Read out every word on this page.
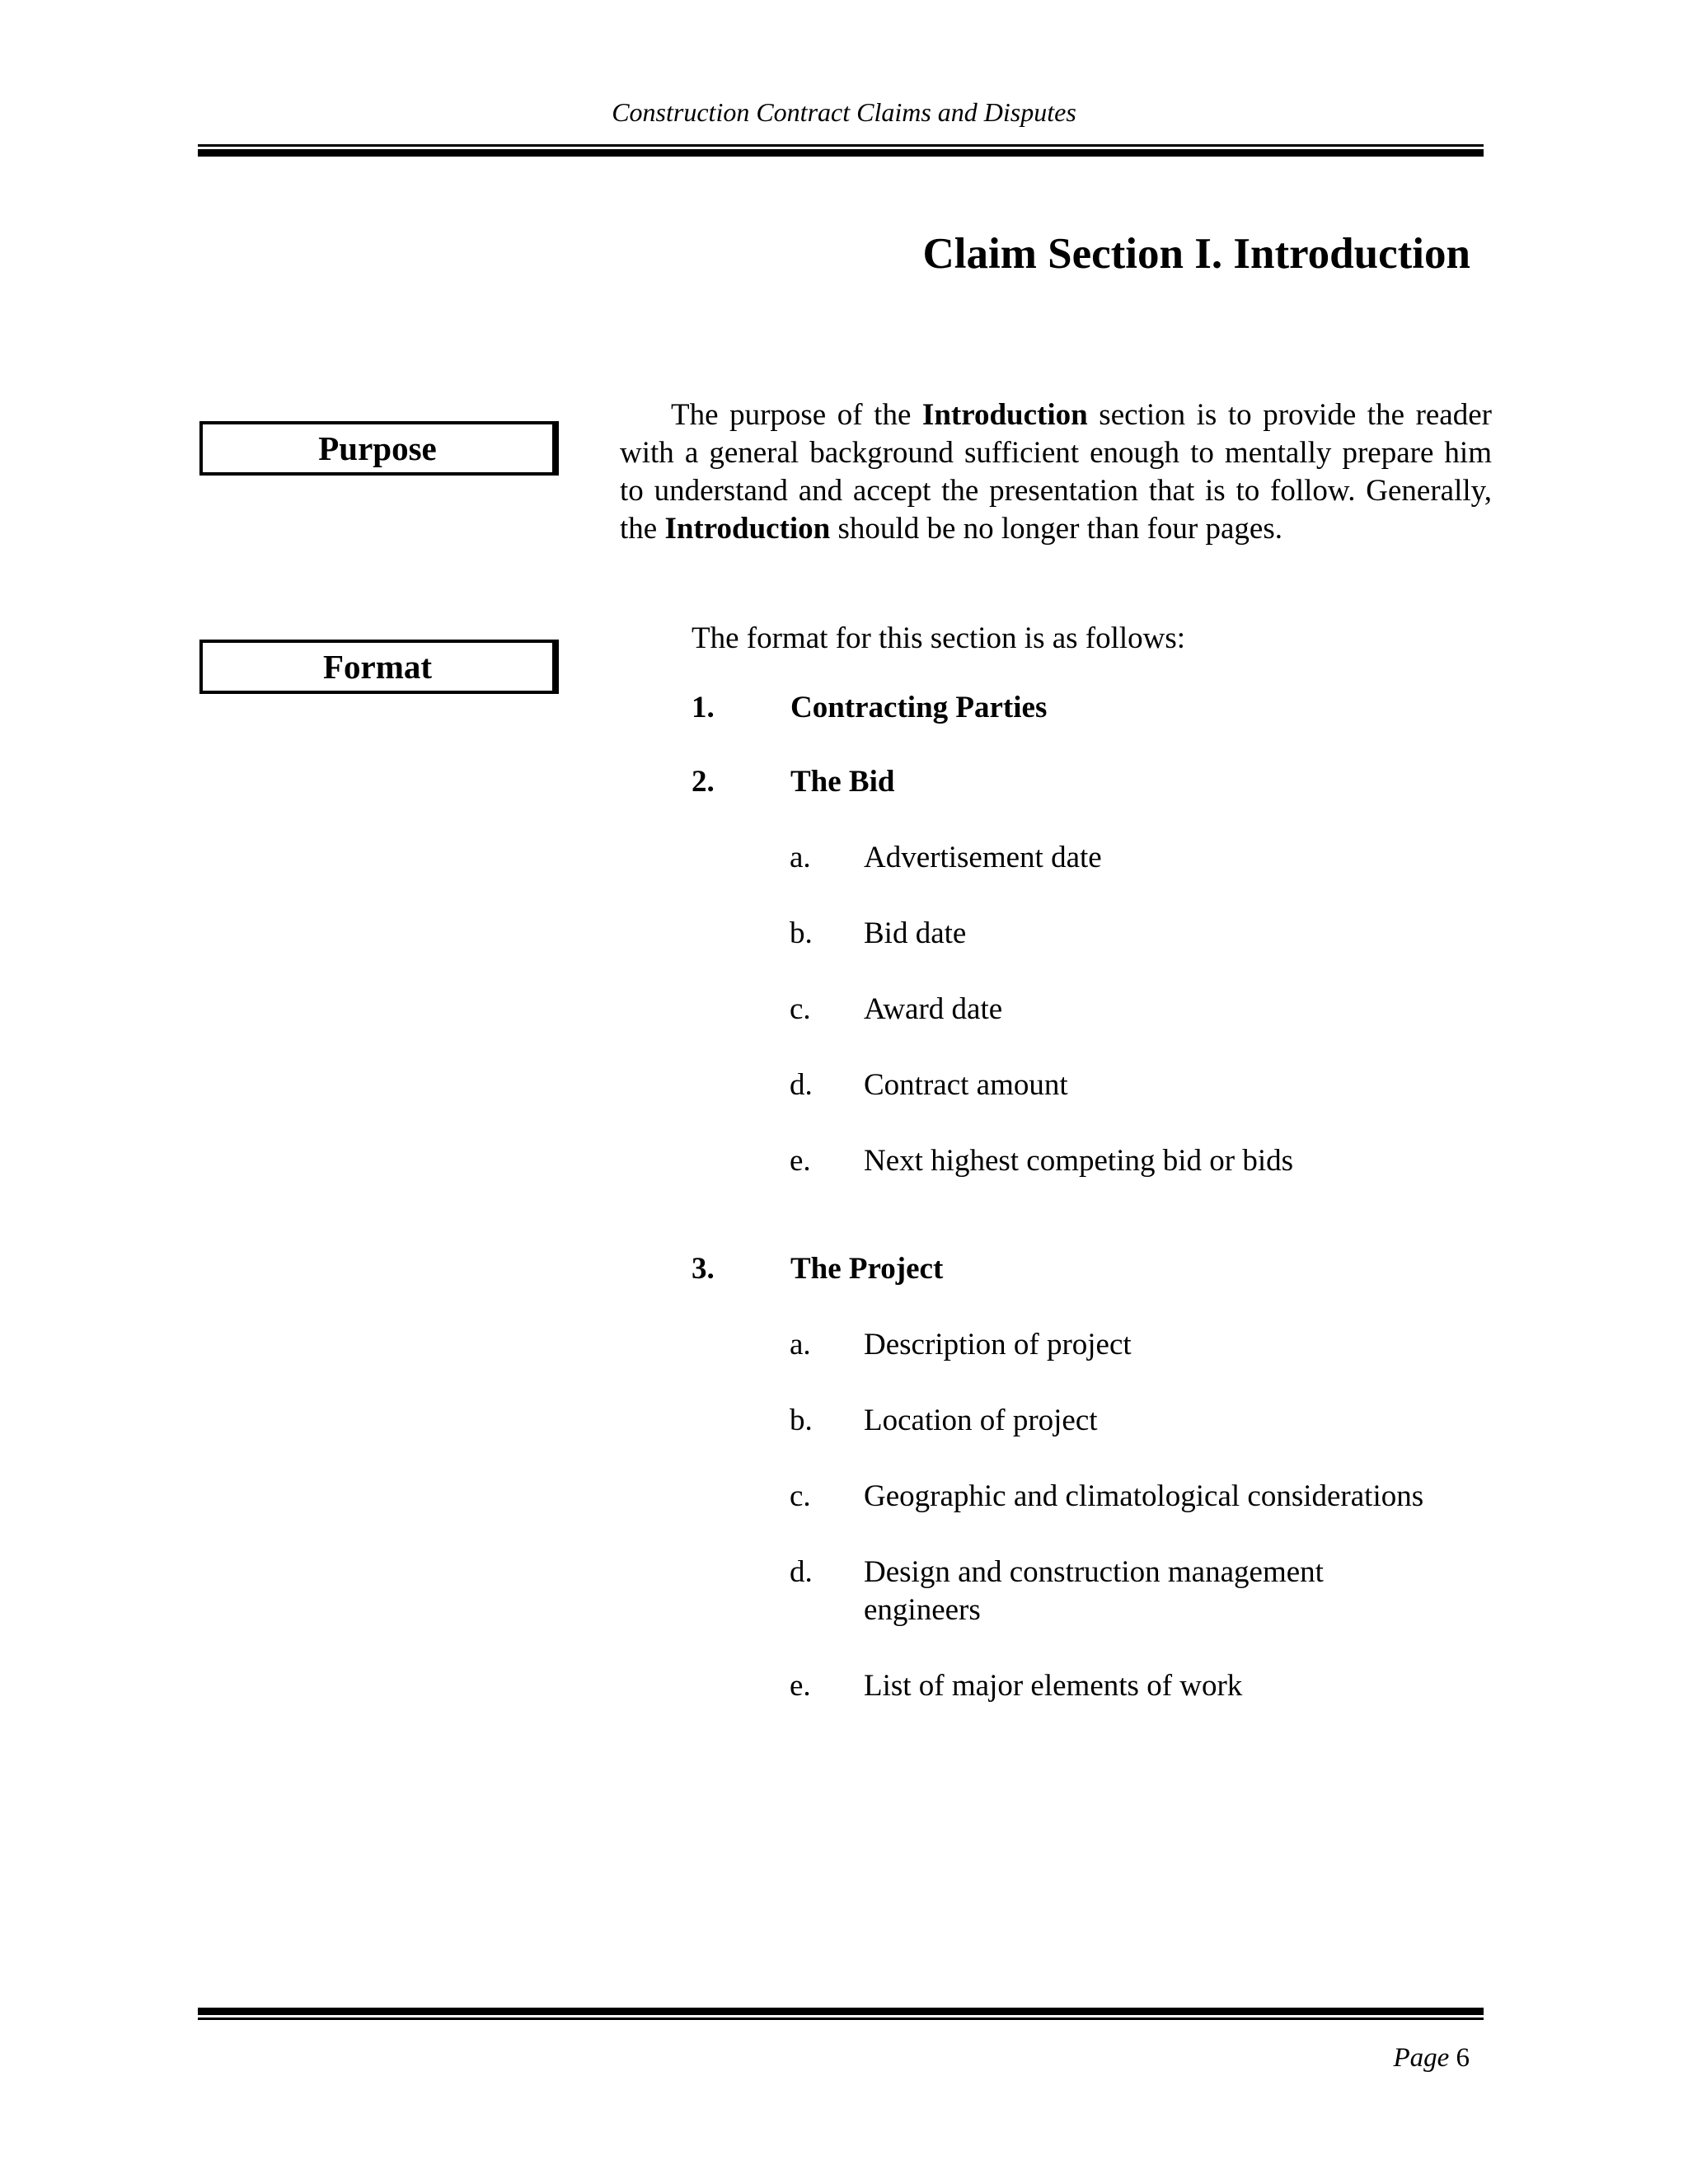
Construction Contract Claims and Disputes
Claim Section I. Introduction
Purpose
Format

The purpose of the Introduction section is to provide the reader with a general background sufficient enough to mentally prepare him to understand and accept the presentation that is to follow. Generally, the Introduction should be no longer than four pages.

The format for this section is as follows:
1. Contracting Parties
2. The Bid
a. Advertisement date
b. Bid date
c. Award date
d. Contract amount
e. Next highest competing bid or bids
3. The Project
a. Description of project
b. Location of project
c. Geographic and climatological considerations
d. Design and construction management engineers
e. List of major elements of work
Page 6
